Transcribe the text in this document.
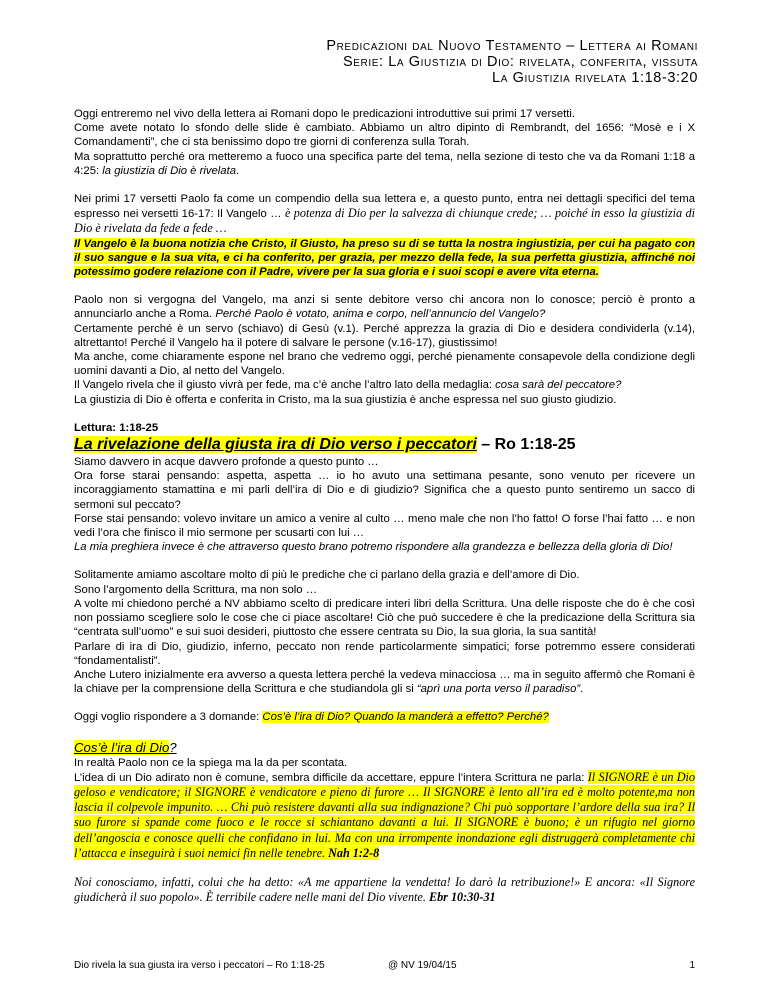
Predicazioni dal Nuovo Testamento – Lettera ai Romani
Serie: La Giustizia di Dio: rivelata, conferita, vissuta
La Giustizia rivelata 1:18-3:20

Oggi entreremo nel vivo della lettera ai Romani dopo le predicazioni introduttive sui primi 17 versetti.

Come avete notato lo sfondo delle slide è cambiato. Abbiamo un altro dipinto di Rembrandt, del 1656: “Mosè e i X Comandamenti”, che ci sta benissimo dopo tre giorni di conferenza sulla Torah.

Ma soprattutto perché ora metteremo a fuoco una specifica parte del tema, nella sezione di testo che va da Romani 1:18 a 4:25: la giustizia di Dio è rivelata.

Nei primi 17 versetti Paolo fa come un compendio della sua lettera e, a questo punto, entra nei dettagli specifici del tema espresso nei versetti 16-17: Il Vangelo … è potenza di Dio per la salvezza di chiunque crede; … poiché in esso la giustizia di Dio è rivelata da fede a fede …

Il Vangelo è la buona notizia che Cristo, il Giusto, ha preso su di se tutta la nostra ingiustizia, per cui ha pagato con il suo sangue e la sua vita, e ci ha conferito, per grazia, per mezzo della fede, la sua perfetta giustizia, affinché noi potessimo godere relazione con il Padre, vivere per la sua gloria e i suoi scopi e avere vita eterna.

Paolo non si vergogna del Vangelo, ma anzi si sente debitore verso chi ancora non lo conosce; perciò è pronto a annunciarlo anche a Roma. Perché Paolo è votato, anima e corpo, nell’annuncio del Vangelo?

Certamente perché è un servo (schiavo) di Gesù (v.1). Perché apprezza la grazia di Dio e desidera condividerla (v.14), altrettanto! Perché il Vangelo ha il potere di salvare le persone (v.16-17), giustissimo!

Ma anche, come chiaramente espone nel brano che vedremo oggi, perché pienamente consapevole della condizione degli uomini davanti a Dio, al netto del Vangelo.

Il Vangelo rivela che il giusto vivrà per fede, ma c’è anche l’altro lato della medaglia: cosa sarà del peccatore?

La giustizia di Dio è offerta e conferita in Cristo, ma la sua giustizia è anche espressa nel suo giusto giudizio.

Lettura: 1:18-25

La rivelazione della giusta ira di Dio verso i peccatori – Ro 1:18-25

Siamo davvero in acque davvero profonde a questo punto …

Ora forse starai pensando: aspetta, aspetta … io ho avuto una settimana pesante, sono venuto per ricevere un incoraggiamento stamattina e mi parli dell’ira di Dio e di giudizio? Significa che a questo punto sentiremo un sacco di sermoni sul peccato?

Forse stai pensando: volevo invitare un amico a venire al culto … meno male che non l’ho fatto! O forse l’hai fatto … e non vedi l’ora che finisco il mio sermone per scusarti con lui …

La mia preghiera invece è che attraverso questo brano potremo rispondere alla grandezza e bellezza della gloria di Dio!

Solitamente amiamo ascoltare molto di più le prediche che ci parlano della grazia e dell’amore di Dio.

Sono l’argomento della Scrittura, ma non solo …

A volte mi chiedono perché a NV abbiamo scelto di predicare interi libri della Scrittura. Una delle risposte che do è che così non possiamo scegliere solo le cose che ci piace ascoltare! Ciò che può succedere è che la predicazione della Scrittura sia “centrata sull’uomo” e sui suoi desideri, piuttosto che essere centrata su Dio, la sua gloria, la sua santità!

Parlare di ira di Dio, giudizio, inferno, peccato non rende particolarmente simpatici; forse potremmo essere considerati “fondamentalisti”.

Anche Lutero inizialmente era avverso a questa lettera perché la vedeva minacciosa … ma in seguito affermò che Romani è la chiave per la comprensione della Scrittura e che studiandola gli si “aprì una porta verso il paradiso”.

Oggi voglio rispondere a 3 domande: Cos’è l’ira di Dio? Quando la manderà a effetto? Perché?

Cos’è l’ira di Dio?

In realtà Paolo non ce la spiega ma la da per scontata.

L’idea di un Dio adirato non è comune, sembra difficile da accettare, eppure l’intera Scrittura ne parla: Il SIGNORE è un Dio geloso e vendicatore; il SIGNORE è vendicatore e pieno di furore … Il SIGNORE è lento all’ira ed è molto potente,ma non lascia il colpevole impunito. … Chi può resistere davanti alla sua indignazione? Chi può sopportare l’ardore della sua ira? Il suo furore si spande come fuoco e le rocce si schiantano davanti a lui. Il SIGNORE è buono; è un rifugio nel giorno dell’angoscia e conosce quelli che confidano in lui. Ma con una irrompente inondazione egli distruggerà completamente chi l’attacca e inseguirà i suoi nemici fin nelle tenebre. Nah 1:2-8

Noi conosciamo, infatti, colui che ha detto: «A me appartiene la vendetta! Io darò la retribuzione!» E ancora: «Il Signore giudicherà il suo popolo». È terribile cadere nelle mani del Dio vivente. Ebr 10:30-31

Dio rivela la sua giusta ira verso i peccatori – Ro 1:18-25	@ NV 19/04/15	1
